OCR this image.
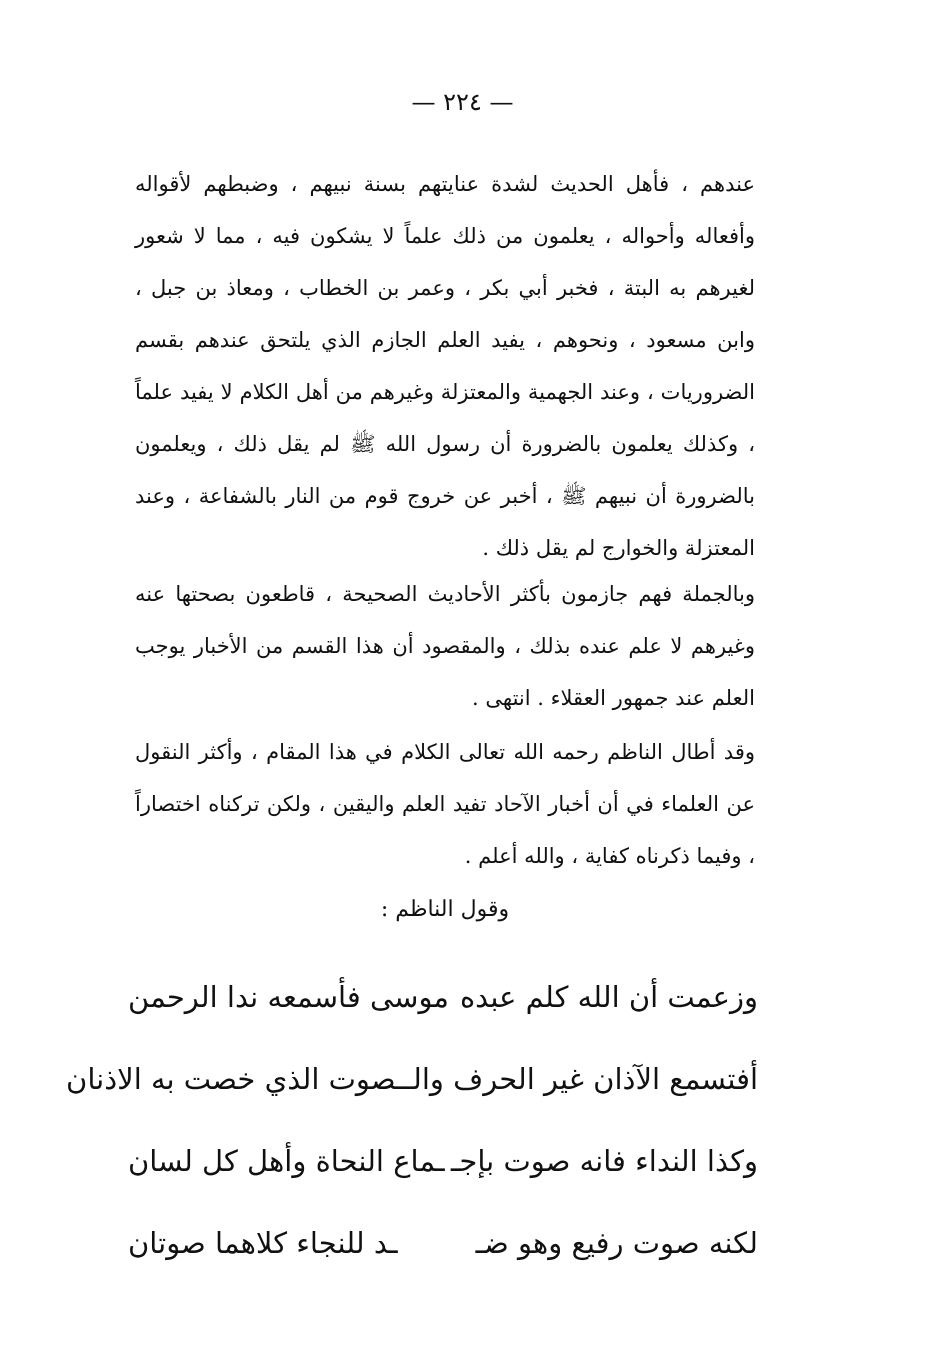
— ٢٢٤ —

عندهم ، فأهل الحديث لشدة عنايتهم بسنة نبيهم ، وضبطهم لأقواله وأفعاله وأحواله ، يعلمون من ذلك علماً لا يشكون فيه ، مما لا شعور لغيرهم به البتة ، فخبر أبي بكر ، وعمر بن الخطاب ، ومعاذ بن جبل ، وابن مسعود ، ونحوهم ، يفيد العلم الجازم الذي يلتحق عندهم بقسم الضروريات ، وعند الجهمية والمعتزلة وغيرهم من أهل الكلام لا يفيد علماً ، وكذلك يعلمون بالضرورة أن رسول الله ﷺ لم يقل ذلك ، ويعلمون بالضرورة أن نبيهم ﷺ ، أخبر عن خروج قوم من النار بالشفاعة ، وعند المعتزلة والخوارج لم يقل ذلك .

وبالجملة فهم جازمون بأكثر الأحاديث الصحيحة ، قاطعون بصحتها عنه وغيرهم لا علم عنده بذلك ، والمقصود أن هذا القسم من الأخبار يوجب العلم عند جمهور العقلاء . انتهى .

وقد أطال الناظم رحمه الله تعالى الكلام في هذا المقام ، وأكثر النقول عن العلماء في أن أخبار الآحاد تفيد العلم واليقين ، ولكن تركناه اختصاراً ، وفيما ذكرناه كفاية ، والله أعلم .

وقول الناظم :
وزعمت أن الله كلم عبده
موسى فأسمعه ندا الرحمن
أفتسمع الآذان غير الحرف والـ
ـصوت الذي خصت به الاذنان
وكذا النداء فانه صوت بإجـ
ـماع النحاة وأهل كل لسان
لكنه صوت رفيع وهو ضـ
ـد للنجاء كلاهما صوتان
